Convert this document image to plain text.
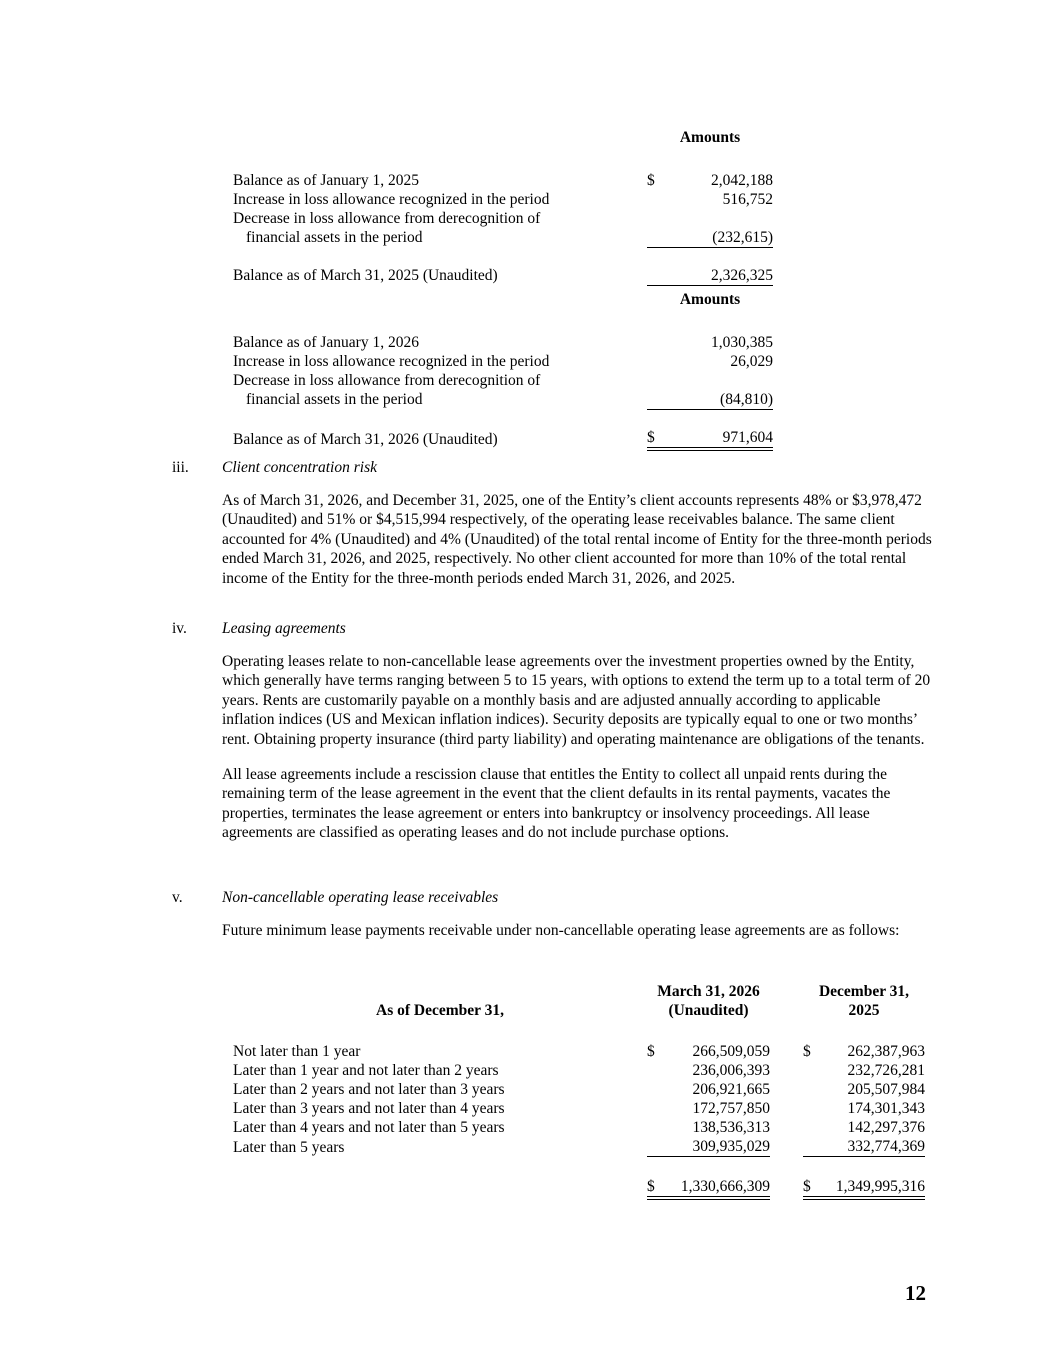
	Amounts	

Balance as of January 1, 2025	$	2,042,188
Increase in loss allowance recognized in the period		516,752
Decrease in loss allowance from derecognition of
financial assets in the period		(232,615)

Balance as of March 31, 2025 (Unaudited)		2,326,325
	Amounts	

Balance as of January 1, 2026		1,030,385
Increase in loss allowance recognized in the period		26,029
Decrease in loss allowance from derecognition of
financial assets in the period		(84,810)

Balance as of March 31, 2026 (Unaudited)	$	971,604
iii. Client concentration risk

As of March 31, 2026, and December 31, 2025, one of the Entity’s client accounts represents 48% or $3,978,472 (Unaudited) and 51% or $4,515,994 respectively, of the operating lease receivables balance. The same client accounted for 4% (Unaudited) and 4% (Unaudited) of the total rental income of Entity for the three-month periods ended March 31, 2026, and 2025, respectively. No other client accounted for more than 10% of the total rental income of the Entity for the three-month periods ended March 31, 2026, and 2025.

iv. Leasing agreements

Operating leases relate to non-cancellable lease agreements over the investment properties owned by the Entity, which generally have terms ranging between 5 to 15 years, with options to extend the term up to a total term of 20 years. Rents are customarily payable on a monthly basis and are adjusted annually according to applicable inflation indices (US and Mexican inflation indices). Security deposits are typically equal to one or two months’ rent. Obtaining property insurance (third party liability) and operating maintenance are obligations of the tenants.

All lease agreements include a rescission clause that entitles the Entity to collect all unpaid rents during the remaining term of the lease agreement in the event that the client defaults in its rental payments, vacates the properties, terminates the lease agreement or enters into bankruptcy or insolvency proceedings. All lease agreements are classified as operating leases and do not include purchase options.

v.	Non-cancellable operating lease receivables

Future minimum lease payments receivable under non-cancellable operating lease agreements are as follows:

As of December 31,	March 31, 2026
(Unaudited)			December 31, 2025	

Not later than 1 year	$	266,509,059		$	262,387,963
Later than 1 year and not later than 2 years		236,006,393			232,726,281
Later than 2 years and not later than 3 years		206,921,665			205,507,984
Later than 3 years and not later than 4 years		172,757,850			174,301,343
Later than 4 years and not later than 5 years		138,536,313			142,297,376
Later than 5 years		309,935,029			332,774,369

	$	1,330,666,309		$	1,349,995,316
12
